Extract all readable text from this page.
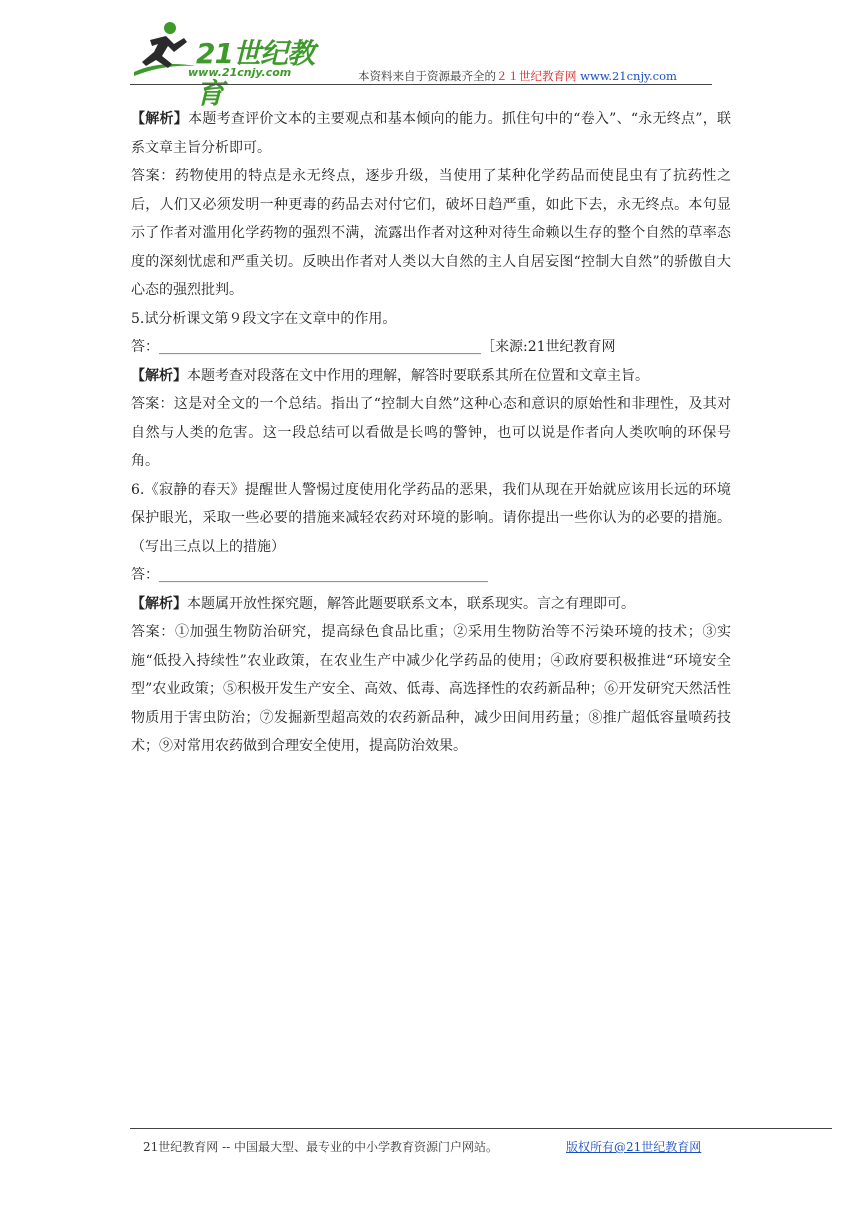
21世纪教育
www.21cnjy.com	本资料来自于资源最齐全的２１世纪教育网 www.21cnjy.com

【解析】本题考查评价文本的主要观点和基本倾向的能力。抓住句中的“卷入”、“永无终点”，联系文章主旨分析即可。

答案：药物使用的特点是永无终点，逐步升级，当使用了某种化学药品而使昆虫有了抗药性之后，人们又必须发明一种更毒的药品去对付它们，破坏日趋严重，如此下去，永无终点。本句显示了作者对滥用化学药物的强烈不满，流露出作者对这种对待生命赖以生存的整个自然的草率态度的深刻忧虑和严重关切。反映出作者对人类以大自然的主人自居妄图“控制大自然”的骄傲自大心态的强烈批判。

5.试分析课文第９段文字在文章中的作用。

答：______________________________________________［来源:21世纪教育网

【解析】本题考查对段落在文中作用的理解，解答时要联系其所在位置和文章主旨。

答案：这是对全文的一个总结。指出了“控制大自然”这种心态和意识的原始性和非理性，及其对自然与人类的危害。这一段总结可以看做是长鸣的警钟，也可以说是作者向人类吹响的环保号角。

6.《寂静的春天》提醒世人警惕过度使用化学药品的恶果，我们从现在开始就应该用长远的环境保护眼光，采取一些必要的措施来减轻农药对环境的影响。请你提出一些你认为的必要的措施。（写出三点以上的措施）

答：_______________________________________________

【解析】本题属开放性探究题，解答此题要联系文本，联系现实。言之有理即可。

答案：①加强生物防治研究，提高绿色食品比重；②采用生物防治等不污染环境的技术；③实施“低投入持续性”农业政策，在农业生产中减少化学药品的使用；④政府要积极推进“环境安全型”农业政策；⑤积极开发生产安全、高效、低毒、高选择性的农药新品种；⑥开发研究天然活性物质用于害虫防治；⑦发掘新型超高效的农药新品种，减少田间用药量；⑧推广超低容量喷药技术；⑨对常用农药做到合理安全使用，提高防治效果。

21世纪教育网 -- 中国最大型、最专业的中小学教育资源门户网站。	版权所有@21世纪教育网
